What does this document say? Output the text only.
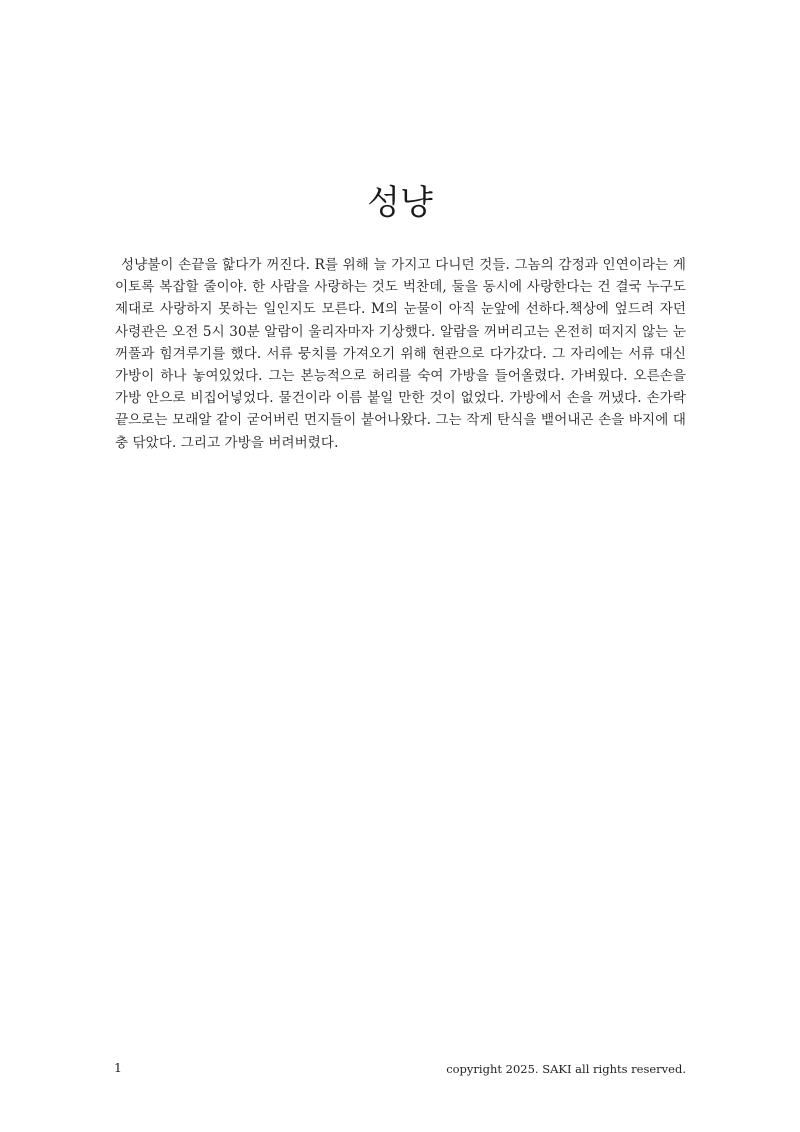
성냥

성냥불이 손끝을 핥다가 꺼진다. R를 위해 늘 가지고 다니던 것들. 그놈의 감정과 인연이라는 게 이토록 복잡할 줄이야. 한 사람을 사랑하는 것도 벅찬데, 둘을 동시에 사랑한다는 건 결국 누구도 제대로 사랑하지 못하는 일인지도 모른다. M의 눈물이 아직 눈앞에 선하다.책상에 엎드려 자던 사령관은 오전 5시 30분 알람이 울리자마자 기상했다. 알람을 꺼버리고는 온전히 떠지지 않는 눈꺼풀과 힘겨루기를 했다. 서류 뭉치를 가져오기 위해 현관으로 다가갔다. 그 자리에는 서류 대신 가방이 하나 놓여있었다. 그는 본능적으로 허리를 숙여 가방을 들어올렸다. 가벼웠다. 오른손을 가방 안으로 비집어넣었다. 물건이라 이름 붙일 만한 것이 없었다. 가방에서 손을 꺼냈다. 손가락 끝으로는 모래알 같이 굳어버린 먼지들이 붙어나왔다. 그는 작게 탄식을 뱉어내곤 손을 바지에 대충 닦았다. 그리고 가방을 버려버렸다.

1	copyright 2025. SAKI all rights reserved.
